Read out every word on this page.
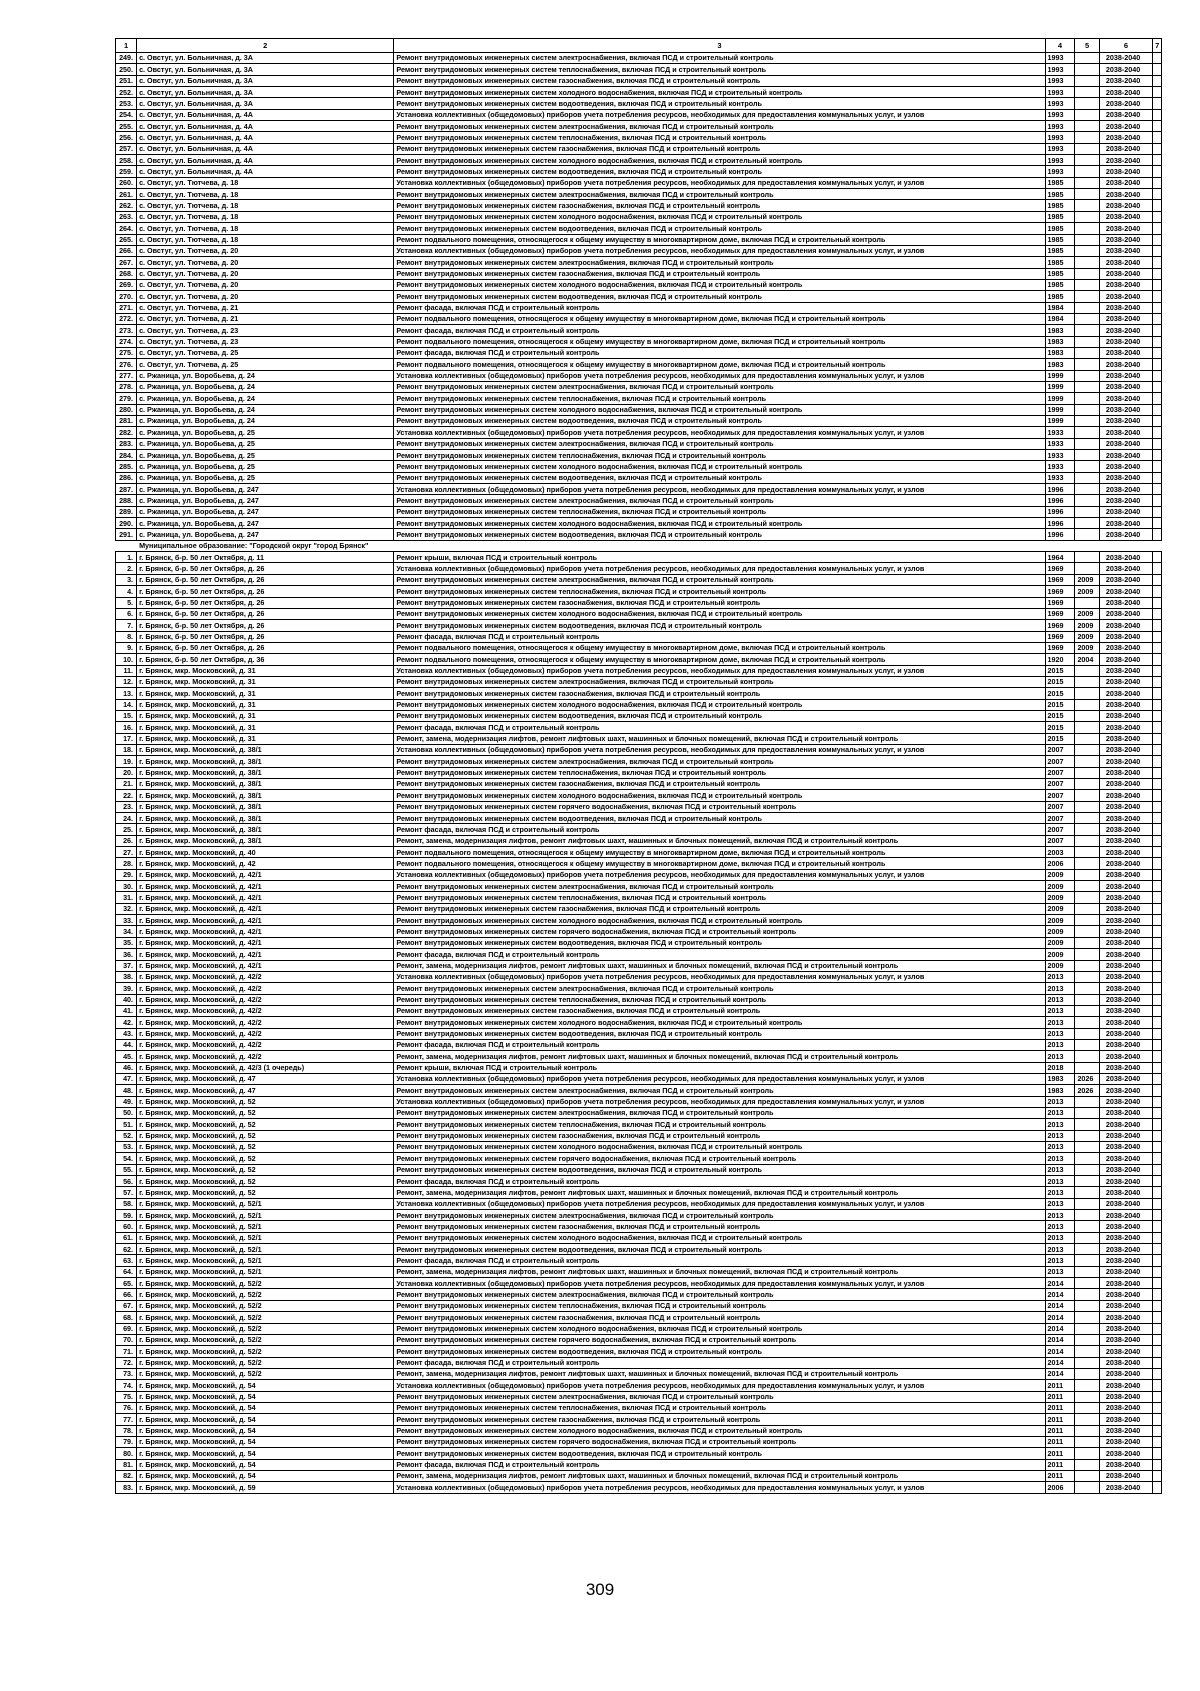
1	2	3	4	5	6	7
249.	с. Овстуг, ул. Больничная, д. 3А	Ремонт внутридомовых инженерных систем электроснабжения, включая ПСД и строительный контроль	1993		2038-2040	
250.	с. Овстуг, ул. Больничная, д. 3А	Ремонт внутридомовых инженерных систем теплоснабжения, включая ПСД и строительный контроль	1993		2038-2040	
251.	с. Овстуг, ул. Больничная, д. 3А	Ремонт внутридомовых инженерных систем газоснабжения, включая ПСД и строительный контроль	1993		2038-2040	
252.	с. Овстуг, ул. Больничная, д. 3А	Ремонт внутридомовых инженерных систем холодного водоснабжения, включая ПСД и строительный контроль	1993		2038-2040	
253.	с. Овстуг, ул. Больничная, д. 3А	Ремонт внутридомовых инженерных систем водоотведения, включая ПСД и строительный контроль	1993		2038-2040	
254.	с. Овстуг, ул. Больничная, д. 4А	Установка коллективных (общедомовых) приборов учета потребления ресурсов, необходимых для предоставления коммунальных услуг, и узлов	1993		2038-2040	
255.	с. Овстуг, ул. Больничная, д. 4А	Ремонт внутридомовых инженерных систем электроснабжения, включая ПСД и строительный контроль	1993		2038-2040	
256.	с. Овстуг, ул. Больничная, д. 4А	Ремонт внутридомовых инженерных систем теплоснабжения, включая ПСД и строительный контроль	1993		2038-2040	
257.	с. Овстуг, ул. Больничная, д. 4А	Ремонт внутридомовых инженерных систем газоснабжения, включая ПСД и строительный контроль	1993		2038-2040	
258.	с. Овстуг, ул. Больничная, д. 4А	Ремонт внутридомовых инженерных систем холодного водоснабжения, включая ПСД и строительный контроль	1993		2038-2040	
259.	с. Овстуг, ул. Больничная, д. 4А	Ремонт внутридомовых инженерных систем водоотведения, включая ПСД и строительный контроль	1993		2038-2040	
260.	с. Овстуг, ул. Тютчева, д. 18	Установка коллективных (общедомовых) приборов учета потребления ресурсов, необходимых для предоставления коммунальных услуг, и узлов	1985		2038-2040	
261.	с. Овстуг, ул. Тютчева, д. 18	Ремонт внутридомовых инженерных систем электроснабжения, включая ПСД и строительный контроль	1985		2038-2040	
262.	с. Овстуг, ул. Тютчева, д. 18	Ремонт внутридомовых инженерных систем газоснабжения, включая ПСД и строительный контроль	1985		2038-2040	
263.	с. Овстуг, ул. Тютчева, д. 18	Ремонт внутридомовых инженерных систем холодного водоснабжения, включая ПСД и строительный контроль	1985		2038-2040	
264.	с. Овстуг, ул. Тютчева, д. 18	Ремонт внутридомовых инженерных систем водоотведения, включая ПСД и строительный контроль	1985		2038-2040	
265.	с. Овстуг, ул. Тютчева, д. 18	Ремонт подвального помещения, относящегося к общему имуществу в многоквартирном доме, включая ПСД и строительный контроль	1985		2038-2040	
266.	с. Овстуг, ул. Тютчева, д. 20	Установка коллективных (общедомовых) приборов учета потребления ресурсов, необходимых для предоставления коммунальных услуг, и узлов	1985		2038-2040	
267.	с. Овстуг, ул. Тютчева, д. 20	Ремонт внутридомовых инженерных систем электроснабжения, включая ПСД и строительный контроль	1985		2038-2040	
268.	с. Овстуг, ул. Тютчева, д. 20	Ремонт внутридомовых инженерных систем газоснабжения, включая ПСД и строительный контроль	1985		2038-2040	
269.	с. Овстуг, ул. Тютчева, д. 20	Ремонт внутридомовых инженерных систем холодного водоснабжения, включая ПСД и строительный контроль	1985		2038-2040	
270.	с. Овстуг, ул. Тютчева, д. 20	Ремонт внутридомовых инженерных систем водоотведения, включая ПСД и строительный контроль	1985		2038-2040	
271.	с. Овстуг, ул. Тютчева, д. 21	Ремонт фасада, включая ПСД и строительный контроль	1984		2038-2040	
272.	с. Овстуг, ул. Тютчева, д. 21	Ремонт подвального помещения, относящегося к общему имуществу в многоквартирном доме, включая ПСД и строительный контроль	1984		2038-2040	
273.	с. Овстуг, ул. Тютчева, д. 23	Ремонт фасада, включая ПСД и строительный контроль	1983		2038-2040	
274.	с. Овстуг, ул. Тютчева, д. 23	Ремонт подвального помещения, относящегося к общему имуществу в многоквартирном доме, включая ПСД и строительный контроль	1983		2038-2040	
275.	с. Овстуг, ул. Тютчева, д. 25	Ремонт фасада, включая ПСД и строительный контроль	1983		2038-2040	
276.	с. Овстуг, ул. Тютчева, д. 25	Ремонт подвального помещения, относящегося к общему имуществу в многоквартирном доме, включая ПСД и строительный контроль	1983		2038-2040	
277.	с. Ржаница, ул. Воробьева, д. 24	Установка коллективных (общедомовых) приборов учета потребления ресурсов, необходимых для предоставления коммунальных услуг, и узлов	1999		2038-2040	
278.	с. Ржаница, ул. Воробьева, д. 24	Ремонт внутридомовых инженерных систем электроснабжения, включая ПСД и строительный контроль	1999		2038-2040	
279.	с. Ржаница, ул. Воробьева, д. 24	Ремонт внутридомовых инженерных систем теплоснабжения, включая ПСД и строительный контроль	1999		2038-2040	
280.	с. Ржаница, ул. Воробьева, д. 24	Ремонт внутридомовых инженерных систем холодного водоснабжения, включая ПСД и строительный контроль	1999		2038-2040	
281.	с. Ржаница, ул. Воробьева, д. 24	Ремонт внутридомовых инженерных систем водоотведения, включая ПСД и строительный контроль	1999		2038-2040	
282.	с. Ржаница, ул. Воробьева, д. 25	Установка коллективных (общедомовых) приборов учета потребления ресурсов, необходимых для предоставления коммунальных услуг, и узлов	1933		2038-2040	
283.	с. Ржаница, ул. Воробьева, д. 25	Ремонт внутридомовых инженерных систем электроснабжения, включая ПСД и строительный контроль	1933		2038-2040	
284.	с. Ржаница, ул. Воробьева, д. 25	Ремонт внутридомовых инженерных систем теплоснабжения, включая ПСД и строительный контроль	1933		2038-2040	
285.	с. Ржаница, ул. Воробьева, д. 25	Ремонт внутридомовых инженерных систем холодного водоснабжения, включая ПСД и строительный контроль	1933		2038-2040	
286.	с. Ржаница, ул. Воробьева, д. 25	Ремонт внутридомовых инженерных систем водоотведения, включая ПСД и строительный контроль	1933		2038-2040	
287.	с. Ржаница, ул. Воробьева, д. 247	Установка коллективных (общедомовых) приборов учета потребления ресурсов, необходимых для предоставления коммунальных услуг, и узлов	1996		2038-2040	
288.	с. Ржаница, ул. Воробьева, д. 247	Ремонт внутридомовых инженерных систем электроснабжения, включая ПСД и строительный контроль	1996		2038-2040	
289.	с. Ржаница, ул. Воробьева, д. 247	Ремонт внутридомовых инженерных систем теплоснабжения, включая ПСД и строительный контроль	1996		2038-2040	
290.	с. Ржаница, ул. Воробьева, д. 247	Ремонт внутридомовых инженерных систем холодного водоснабжения, включая ПСД и строительный контроль	1996		2038-2040	
291.	с. Ржаница, ул. Воробьева, д. 247	Ремонт внутридомовых инженерных систем водоотведения, включая ПСД и строительный контроль	1996		2038-2040	
	Муниципальное образование: "Городской округ "город Брянск"					
1.	г. Брянск, б-р. 50 лет Октября, д. 11	Ремонт крыши, включая ПСД и строительный контроль	1964		2038-2040	
2.	г. Брянск, б-р. 50 лет Октября, д. 26	Установка коллективных (общедомовых) приборов учета потребления ресурсов, необходимых для предоставления коммунальных услуг, и узлов	1969		2038-2040	
3.	г. Брянск, б-р. 50 лет Октября, д. 26	Ремонт внутридомовых инженерных систем электроснабжения, включая ПСД и строительный контроль	1969	2009	2038-2040	
4.	г. Брянск, б-р. 50 лет Октября, д. 26	Ремонт внутридомовых инженерных систем теплоснабжения, включая ПСД и строительный контроль	1969	2009	2038-2040	
5.	г. Брянск, б-р. 50 лет Октября, д. 26	Ремонт внутридомовых инженерных систем газоснабжения, включая ПСД и строительный контроль	1969		2038-2040	
6.	г. Брянск, б-р. 50 лет Октября, д. 26	Ремонт внутридомовых инженерных систем холодного водоснабжения, включая ПСД и строительный контроль	1969	2009	2038-2040	
7.	г. Брянск, б-р. 50 лет Октября, д. 26	Ремонт внутридомовых инженерных систем водоотведения, включая ПСД и строительный контроль	1969	2009	2038-2040	
8.	г. Брянск, б-р. 50 лет Октября, д. 26	Ремонт фасада, включая ПСД и строительный контроль	1969	2009	2038-2040	
9.	г. Брянск, б-р. 50 лет Октября, д. 26	Ремонт подвального помещения, относящегося к общему имуществу в многоквартирном доме, включая ПСД и строительный контроль	1969	2009	2038-2040	
10.	г. Брянск, б-р. 50 лет Октября, д. 36	Ремонт подвального помещения, относящегося к общему имуществу в многоквартирном доме, включая ПСД и строительный контроль	1920	2004	2038-2040	
11.	г. Брянск, мкр. Московский, д. 31	Установка коллективных (общедомовых) приборов учета потребления ресурсов, необходимых для предоставления коммунальных услуг, и узлов	2015		2038-2040	
12.	г. Брянск, мкр. Московский, д. 31	Ремонт внутридомовых инженерных систем электроснабжения, включая ПСД и строительный контроль	2015		2038-2040	
13.	г. Брянск, мкр. Московский, д. 31	Ремонт внутридомовых инженерных систем газоснабжения, включая ПСД и строительный контроль	2015		2038-2040	
14.	г. Брянск, мкр. Московский, д. 31	Ремонт внутридомовых инженерных систем холодного водоснабжения, включая ПСД и строительный контроль	2015		2038-2040	
15.	г. Брянск, мкр. Московский, д. 31	Ремонт внутридомовых инженерных систем водоотведения, включая ПСД и строительный контроль	2015		2038-2040	
16.	г. Брянск, мкр. Московский, д. 31	Ремонт фасада, включая ПСД и строительный контроль	2015		2038-2040	
17.	г. Брянск, мкр. Московский, д. 31	Ремонт, замена, модернизация лифтов, ремонт лифтовых шахт, машинных и блочных помещений, включая ПСД и строительный контроль	2015		2038-2040	
18.	г. Брянск, мкр. Московский, д. 38/1	Установка коллективных (общедомовых) приборов учета потребления ресурсов, необходимых для предоставления коммунальных услуг, и узлов	2007		2038-2040	
19.	г. Брянск, мкр. Московский, д. 38/1	Ремонт внутридомовых инженерных систем электроснабжения, включая ПСД и строительный контроль	2007		2038-2040	
20.	г. Брянск, мкр. Московский, д. 38/1	Ремонт внутридомовых инженерных систем теплоснабжения, включая ПСД и строительный контроль	2007		2038-2040	
21.	г. Брянск, мкр. Московский, д. 38/1	Ремонт внутридомовых инженерных систем газоснабжения, включая ПСД и строительный контроль	2007		2038-2040	
22.	г. Брянск, мкр. Московский, д. 38/1	Ремонт внутридомовых инженерных систем холодного водоснабжения, включая ПСД и строительный контроль	2007		2038-2040	
23.	г. Брянск, мкр. Московский, д. 38/1	Ремонт внутридомовых инженерных систем горячего водоснабжения, включая ПСД и строительный контроль	2007		2038-2040	
24.	г. Брянск, мкр. Московский, д. 38/1	Ремонт внутридомовых инженерных систем водоотведения, включая ПСД и строительный контроль	2007		2038-2040	
25.	г. Брянск, мкр. Московский, д. 38/1	Ремонт фасада, включая ПСД и строительный контроль	2007		2038-2040	
26.	г. Брянск, мкр. Московский, д. 38/1	Ремонт, замена, модернизация лифтов, ремонт лифтовых шахт, машинных и блочных помещений, включая ПСД и строительный контроль	2007		2038-2040	
27.	г. Брянск, мкр. Московский, д. 40	Ремонт подвального помещения, относящегося к общему имуществу в многоквартирном доме, включая ПСД и строительный контроль	2003		2038-2040	
28.	г. Брянск, мкр. Московский, д. 42	Ремонт подвального помещения, относящегося к общему имуществу в многоквартирном доме, включая ПСД и строительный контроль	2006		2038-2040	
29.	г. Брянск, мкр. Московский, д. 42/1	Установка коллективных (общедомовых) приборов учета потребления ресурсов, необходимых для предоставления коммунальных услуг, и узлов	2009		2038-2040	
30.	г. Брянск, мкр. Московский, д. 42/1	Ремонт внутридомовых инженерных систем электроснабжения, включая ПСД и строительный контроль	2009		2038-2040	
31.	г. Брянск, мкр. Московский, д. 42/1	Ремонт внутридомовых инженерных систем теплоснабжения, включая ПСД и строительный контроль	2009		2038-2040	
32.	г. Брянск, мкр. Московский, д. 42/1	Ремонт внутридомовых инженерных систем газоснабжения, включая ПСД и строительный контроль	2009		2038-2040	
33.	г. Брянск, мкр. Московский, д. 42/1	Ремонт внутридомовых инженерных систем холодного водоснабжения, включая ПСД и строительный контроль	2009		2038-2040	
34.	г. Брянск, мкр. Московский, д. 42/1	Ремонт внутридомовых инженерных систем горячего водоснабжения, включая ПСД и строительный контроль	2009		2038-2040	
35.	г. Брянск, мкр. Московский, д. 42/1	Ремонт внутридомовых инженерных систем водоотведения, включая ПСД и строительный контроль	2009		2038-2040	
36.	г. Брянск, мкр. Московский, д. 42/1	Ремонт фасада, включая ПСД и строительный контроль	2009		2038-2040	
37.	г. Брянск, мкр. Московский, д. 42/1	Ремонт, замена, модернизация лифтов, ремонт лифтовых шахт, машинных и блочных помещений, включая ПСД и строительный контроль	2009		2038-2040	
38.	г. Брянск, мкр. Московский, д. 42/2	Установка коллективных (общедомовых) приборов учета потребления ресурсов, необходимых для предоставления коммунальных услуг, и узлов	2013		2038-2040	
39.	г. Брянск, мкр. Московский, д. 42/2	Ремонт внутридомовых инженерных систем электроснабжения, включая ПСД и строительный контроль	2013		2038-2040	
40.	г. Брянск, мкр. Московский, д. 42/2	Ремонт внутридомовых инженерных систем теплоснабжения, включая ПСД и строительный контроль	2013		2038-2040	
41.	г. Брянск, мкр. Московский, д. 42/2	Ремонт внутридомовых инженерных систем газоснабжения, включая ПСД и строительный контроль	2013		2038-2040	
42.	г. Брянск, мкр. Московский, д. 42/2	Ремонт внутридомовых инженерных систем холодного водоснабжения, включая ПСД и строительный контроль	2013		2038-2040	
43.	г. Брянск, мкр. Московский, д. 42/2	Ремонт внутридомовых инженерных систем водоотведения, включая ПСД и строительный контроль	2013		2038-2040	
44.	г. Брянск, мкр. Московский, д. 42/2	Ремонт фасада, включая ПСД и строительный контроль	2013		2038-2040	
45.	г. Брянск, мкр. Московский, д. 42/2	Ремонт, замена, модернизация лифтов, ремонт лифтовых шахт, машинных и блочных помещений, включая ПСД и строительный контроль	2013		2038-2040	
46.	г. Брянск, мкр. Московский, д. 42/3 (1 очередь)	Ремонт крыши, включая ПСД и строительный контроль	2018		2038-2040	
47.	г. Брянск, мкр. Московский, д. 47	Установка коллективных (общедомовых) приборов учета потребления ресурсов, необходимых для предоставления коммунальных услуг, и узлов	1983	2026	2038-2040	
48.	г. Брянск, мкр. Московский, д. 47	Ремонт внутридомовых инженерных систем электроснабжения, включая ПСД и строительный контроль	1983	2026	2038-2040	
49.	г. Брянск, мкр. Московский, д. 52	Установка коллективных (общедомовых) приборов учета потребления ресурсов, необходимых для предоставления коммунальных услуг, и узлов	2013		2038-2040	
50.	г. Брянск, мкр. Московский, д. 52	Ремонт внутридомовых инженерных систем электроснабжения, включая ПСД и строительный контроль	2013		2038-2040	
51.	г. Брянск, мкр. Московский, д. 52	Ремонт внутридомовых инженерных систем теплоснабжения, включая ПСД и строительный контроль	2013		2038-2040	
52.	г. Брянск, мкр. Московский, д. 52	Ремонт внутридомовых инженерных систем газоснабжения, включая ПСД и строительный контроль	2013		2038-2040	
53.	г. Брянск, мкр. Московский, д. 52	Ремонт внутридомовых инженерных систем холодного водоснабжения, включая ПСД и строительный контроль	2013		2038-2040	
54.	г. Брянск, мкр. Московский, д. 52	Ремонт внутридомовых инженерных систем горячего водоснабжения, включая ПСД и строительный контроль	2013		2038-2040	
55.	г. Брянск, мкр. Московский, д. 52	Ремонт внутридомовых инженерных систем водоотведения, включая ПСД и строительный контроль	2013		2038-2040	
56.	г. Брянск, мкр. Московский, д. 52	Ремонт фасада, включая ПСД и строительный контроль	2013		2038-2040	
57.	г. Брянск, мкр. Московский, д. 52	Ремонт, замена, модернизация лифтов, ремонт лифтовых шахт, машинных и блочных помещений, включая ПСД и строительный контроль	2013		2038-2040	
58.	г. Брянск, мкр. Московский, д. 52/1	Установка коллективных (общедомовых) приборов учета потребления ресурсов, необходимых для предоставления коммунальных услуг, и узлов	2013		2038-2040	
59.	г. Брянск, мкр. Московский, д. 52/1	Ремонт внутридомовых инженерных систем электроснабжения, включая ПСД и строительный контроль	2013		2038-2040	
60.	г. Брянск, мкр. Московский, д. 52/1	Ремонт внутридомовых инженерных систем газоснабжения, включая ПСД и строительный контроль	2013		2038-2040	
61.	г. Брянск, мкр. Московский, д. 52/1	Ремонт внутридомовых инженерных систем холодного водоснабжения, включая ПСД и строительный контроль	2013		2038-2040	
62.	г. Брянск, мкр. Московский, д. 52/1	Ремонт внутридомовых инженерных систем водоотведения, включая ПСД и строительный контроль	2013		2038-2040	
63.	г. Брянск, мкр. Московский, д. 52/1	Ремонт фасада, включая ПСД и строительный контроль	2013		2038-2040	
64.	г. Брянск, мкр. Московский, д. 52/1	Ремонт, замена, модернизация лифтов, ремонт лифтовых шахт, машинных и блочных помещений, включая ПСД и строительный контроль	2013		2038-2040	
65.	г. Брянск, мкр. Московский, д. 52/2	Установка коллективных (общедомовых) приборов учета потребления ресурсов, необходимых для предоставления коммунальных услуг, и узлов	2014		2038-2040	
66.	г. Брянск, мкр. Московский, д. 52/2	Ремонт внутридомовых инженерных систем электроснабжения, включая ПСД и строительный контроль	2014		2038-2040	
67.	г. Брянск, мкр. Московский, д. 52/2	Ремонт внутридомовых инженерных систем теплоснабжения, включая ПСД и строительный контроль	2014		2038-2040	
68.	г. Брянск, мкр. Московский, д. 52/2	Ремонт внутридомовых инженерных систем газоснабжения, включая ПСД и строительный контроль	2014		2038-2040	
69.	г. Брянск, мкр. Московский, д. 52/2	Ремонт внутридомовых инженерных систем холодного водоснабжения, включая ПСД и строительный контроль	2014		2038-2040	
70.	г. Брянск, мкр. Московский, д. 52/2	Ремонт внутридомовых инженерных систем горячего водоснабжения, включая ПСД и строительный контроль	2014		2038-2040	
71.	г. Брянск, мкр. Московский, д. 52/2	Ремонт внутридомовых инженерных систем водоотведения, включая ПСД и строительный контроль	2014		2038-2040	
72.	г. Брянск, мкр. Московский, д. 52/2	Ремонт фасада, включая ПСД и строительный контроль	2014		2038-2040	
73.	г. Брянск, мкр. Московский, д. 52/2	Ремонт, замена, модернизация лифтов, ремонт лифтовых шахт, машинных и блочных помещений, включая ПСД и строительный контроль	2014		2038-2040	
74.	г. Брянск, мкр. Московский, д. 54	Установка коллективных (общедомовых) приборов учета потребления ресурсов, необходимых для предоставления коммунальных услуг, и узлов	2011		2038-2040	
75.	г. Брянск, мкр. Московский, д. 54	Ремонт внутридомовых инженерных систем электроснабжения, включая ПСД и строительный контроль	2011		2038-2040	
76.	г. Брянск, мкр. Московский, д. 54	Ремонт внутридомовых инженерных систем теплоснабжения, включая ПСД и строительный контроль	2011		2038-2040	
77.	г. Брянск, мкр. Московский, д. 54	Ремонт внутридомовых инженерных систем газоснабжения, включая ПСД и строительный контроль	2011		2038-2040	
78.	г. Брянск, мкр. Московский, д. 54	Ремонт внутридомовых инженерных систем холодного водоснабжения, включая ПСД и строительный контроль	2011		2038-2040	
79.	г. Брянск, мкр. Московский, д. 54	Ремонт внутридомовых инженерных систем горячего водоснабжения, включая ПСД и строительный контроль	2011		2038-2040	
80.	г. Брянск, мкр. Московский, д. 54	Ремонт внутридомовых инженерных систем водоотведения, включая ПСД и строительный контроль	2011		2038-2040	
81.	г. Брянск, мкр. Московский, д. 54	Ремонт фасада, включая ПСД и строительный контроль	2011		2038-2040	
82.	г. Брянск, мкр. Московский, д. 54	Ремонт, замена, модернизация лифтов, ремонт лифтовых шахт, машинных и блочных помещений, включая ПСД и строительный контроль	2011		2038-2040	
83.	г. Брянск, мкр. Московский, д. 59	Установка коллективных (общедомовых) приборов учета потребления ресурсов, необходимых для предоставления коммунальных услуг, и узлов	2006		2038-2040	
309
